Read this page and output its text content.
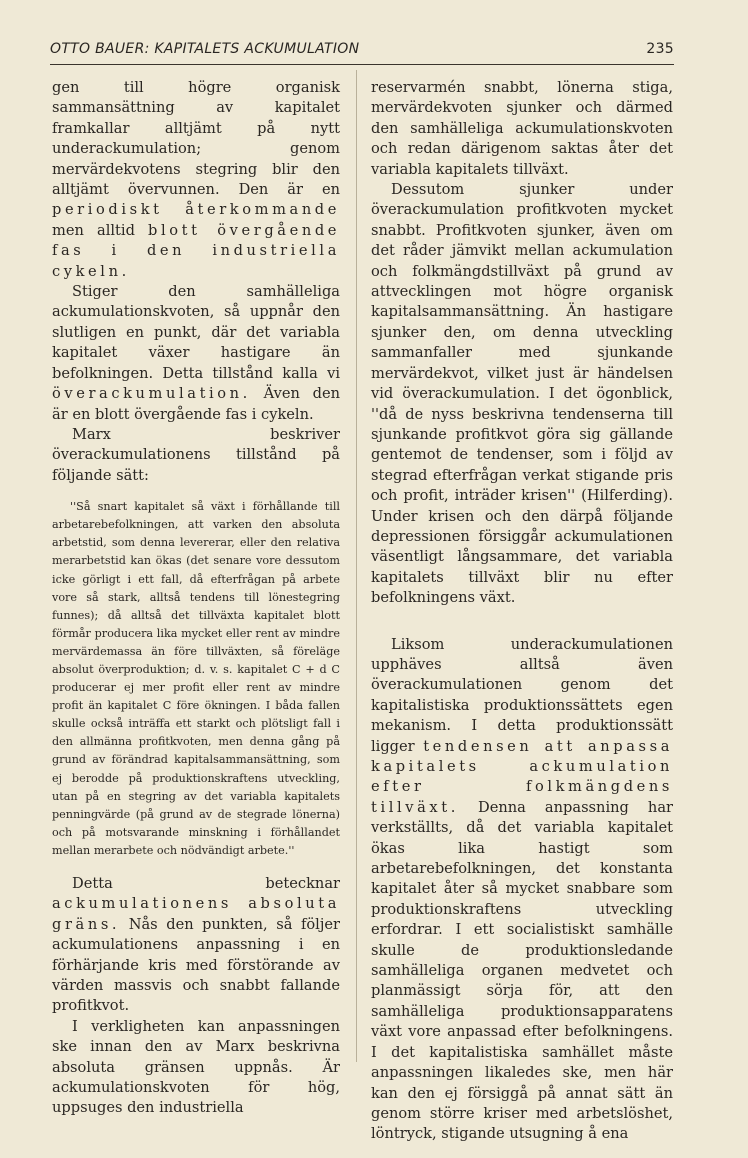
OTTO BAUER: KAPITALETS ACKUMULATION	235

gen till högre organisk sammansättning av kapitalet framkallar alltjämt på nytt underackumulation; genom mervärdekvotens stegring blir den alltjämt övervunnen. Den är en periodiskt återkommande men alltid blott övergående fas i den industriella cykeln.

Stiger den samhälleliga ackumulationskvoten, så uppnår den slutligen en punkt, där det variabla kapitalet växer hastigare än befolkningen. Detta tillstånd kalla vi överackumulation. Även den är en blott övergående fas i cykeln.

Marx beskriver överackumulationens tillstånd på följande sätt:

''Så snart kapitalet så växt i förhållande till arbetarebefolkningen, att varken den absoluta arbetstid, som denna levererar, eller den relativa merarbetstid kan ökas (det senare vore dessutom icke görligt i ett fall, då efterfrågan på arbete vore så stark, alltså tendens till lönestegring funnes); då alltså det tillväxta kapitalet blott förmår producera lika mycket eller rent av mindre mervärdemassa än före tillväxten, så föreläge absolut överproduktion; d. v. s. kapitalet C + d C producerar ej mer profit eller rent av mindre profit än kapitalet C före ökningen. I båda fallen skulle också inträffa ett starkt och plötsligt fall i den allmänna profitkvoten, men denna gång på grund av förändrad kapitalsammansättning, som ej berodde på produktionskraftens utveckling, utan på en stegring av det variabla kapitalets penningvärde (på grund av de stegrade lönerna) och på motsvarande minskning i förhållandet mellan merarbete och nödvändigt arbete.''

Detta betecknar ackumulationens absoluta gräns. Nås den punkten, så följer ackumulationens anpassning i en förhärjande kris med förstörande av värden massvis och snabbt fallande profitkvot.

I verkligheten kan anpassningen ske innan den av Marx beskrivna absoluta gränsen uppnås. Är ackumulationskvoten för hög, uppsuges den industriella

reservarmén snabbt, lönerna stiga, mervärdekvoten sjunker och därmed den samhälleliga ackumulationskvoten och redan därigenom saktas åter det variabla kapitalets tillväxt.

Dessutom sjunker under överackumulation profitkvoten mycket snabbt. Profitkvoten sjunker, även om det råder jämvikt mellan ackumulation och folkmängdstillväxt på grund av attvecklingen mot högre organisk kapitalsammansättning. Än hastigare sjunker den, om denna utveckling sammanfaller med sjunkande mervärdekvot, vilket just är händelsen vid överackumulation. I det ögonblick, ''då de nyss beskrivna tendenserna till sjunkande profitkvot göra sig gällande gentemot de tendenser, som i följd av stegrad efterfrågan verkat stigande pris och profit, inträder krisen'' (Hilferding). Under krisen och den därpå följande depressionen försiggår ackumulationen väsentligt långsammare, det variabla kapitalets tillväxt blir nu efter befolkningens växt.

Liksom underackumulationen upphäves alltså även överackumulationen genom det kapitalistiska produktionssättets egen mekanism. I detta produktionssätt ligger tendensen att anpassa kapitalets ackumulation efter folkmängdens tillväxt. Denna anpassning har verkställts, då det variabla kapitalet ökas lika hastigt som arbetarebefolkningen, det konstanta kapitalet åter så mycket snabbare som produktionskraftens utveckling erfordrar. I ett socialistiskt samhälle skulle de produktionsledande samhälleliga organen medvetet och planmässigt sörja för, att den samhälleliga produktionsapparatens växt vore anpassad efter befolkningens. I det kapitalistiska samhället måste anpassningen likaledes ske, men här kan den ej försiggå på annat sätt än genom större kriser med arbetslöshet, löntryck, stigande utsugning å ena
